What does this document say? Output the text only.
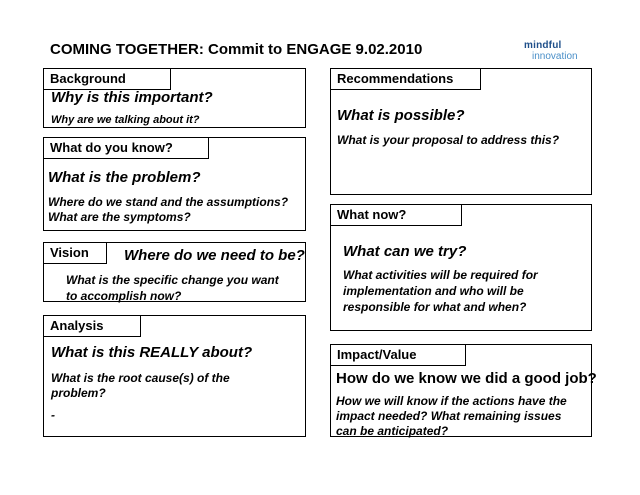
COMING TOGETHER: Commit to ENGAGE 9.02.2010	mindful
innovation
Background
Why is this important?
Why are we talking about it?
What do you know?
What is the problem?
Where do we stand and the assumptions?
What are the symptoms?
Vision	Where do we need to be?
What is the specific change you want
to accomplish now?
Analysis
What is this REALLY about?
What is the root cause(s) of the
problem?
-
Recommendations
What is possible?
What is your proposal to address this?
What now?
What can we try?
What activities will be required for
implementation and who will be
responsible for what and when?
Impact/Value
How do we know we did a good job?
How we will know if the actions have the
impact needed? What remaining issues
can be anticipated?
